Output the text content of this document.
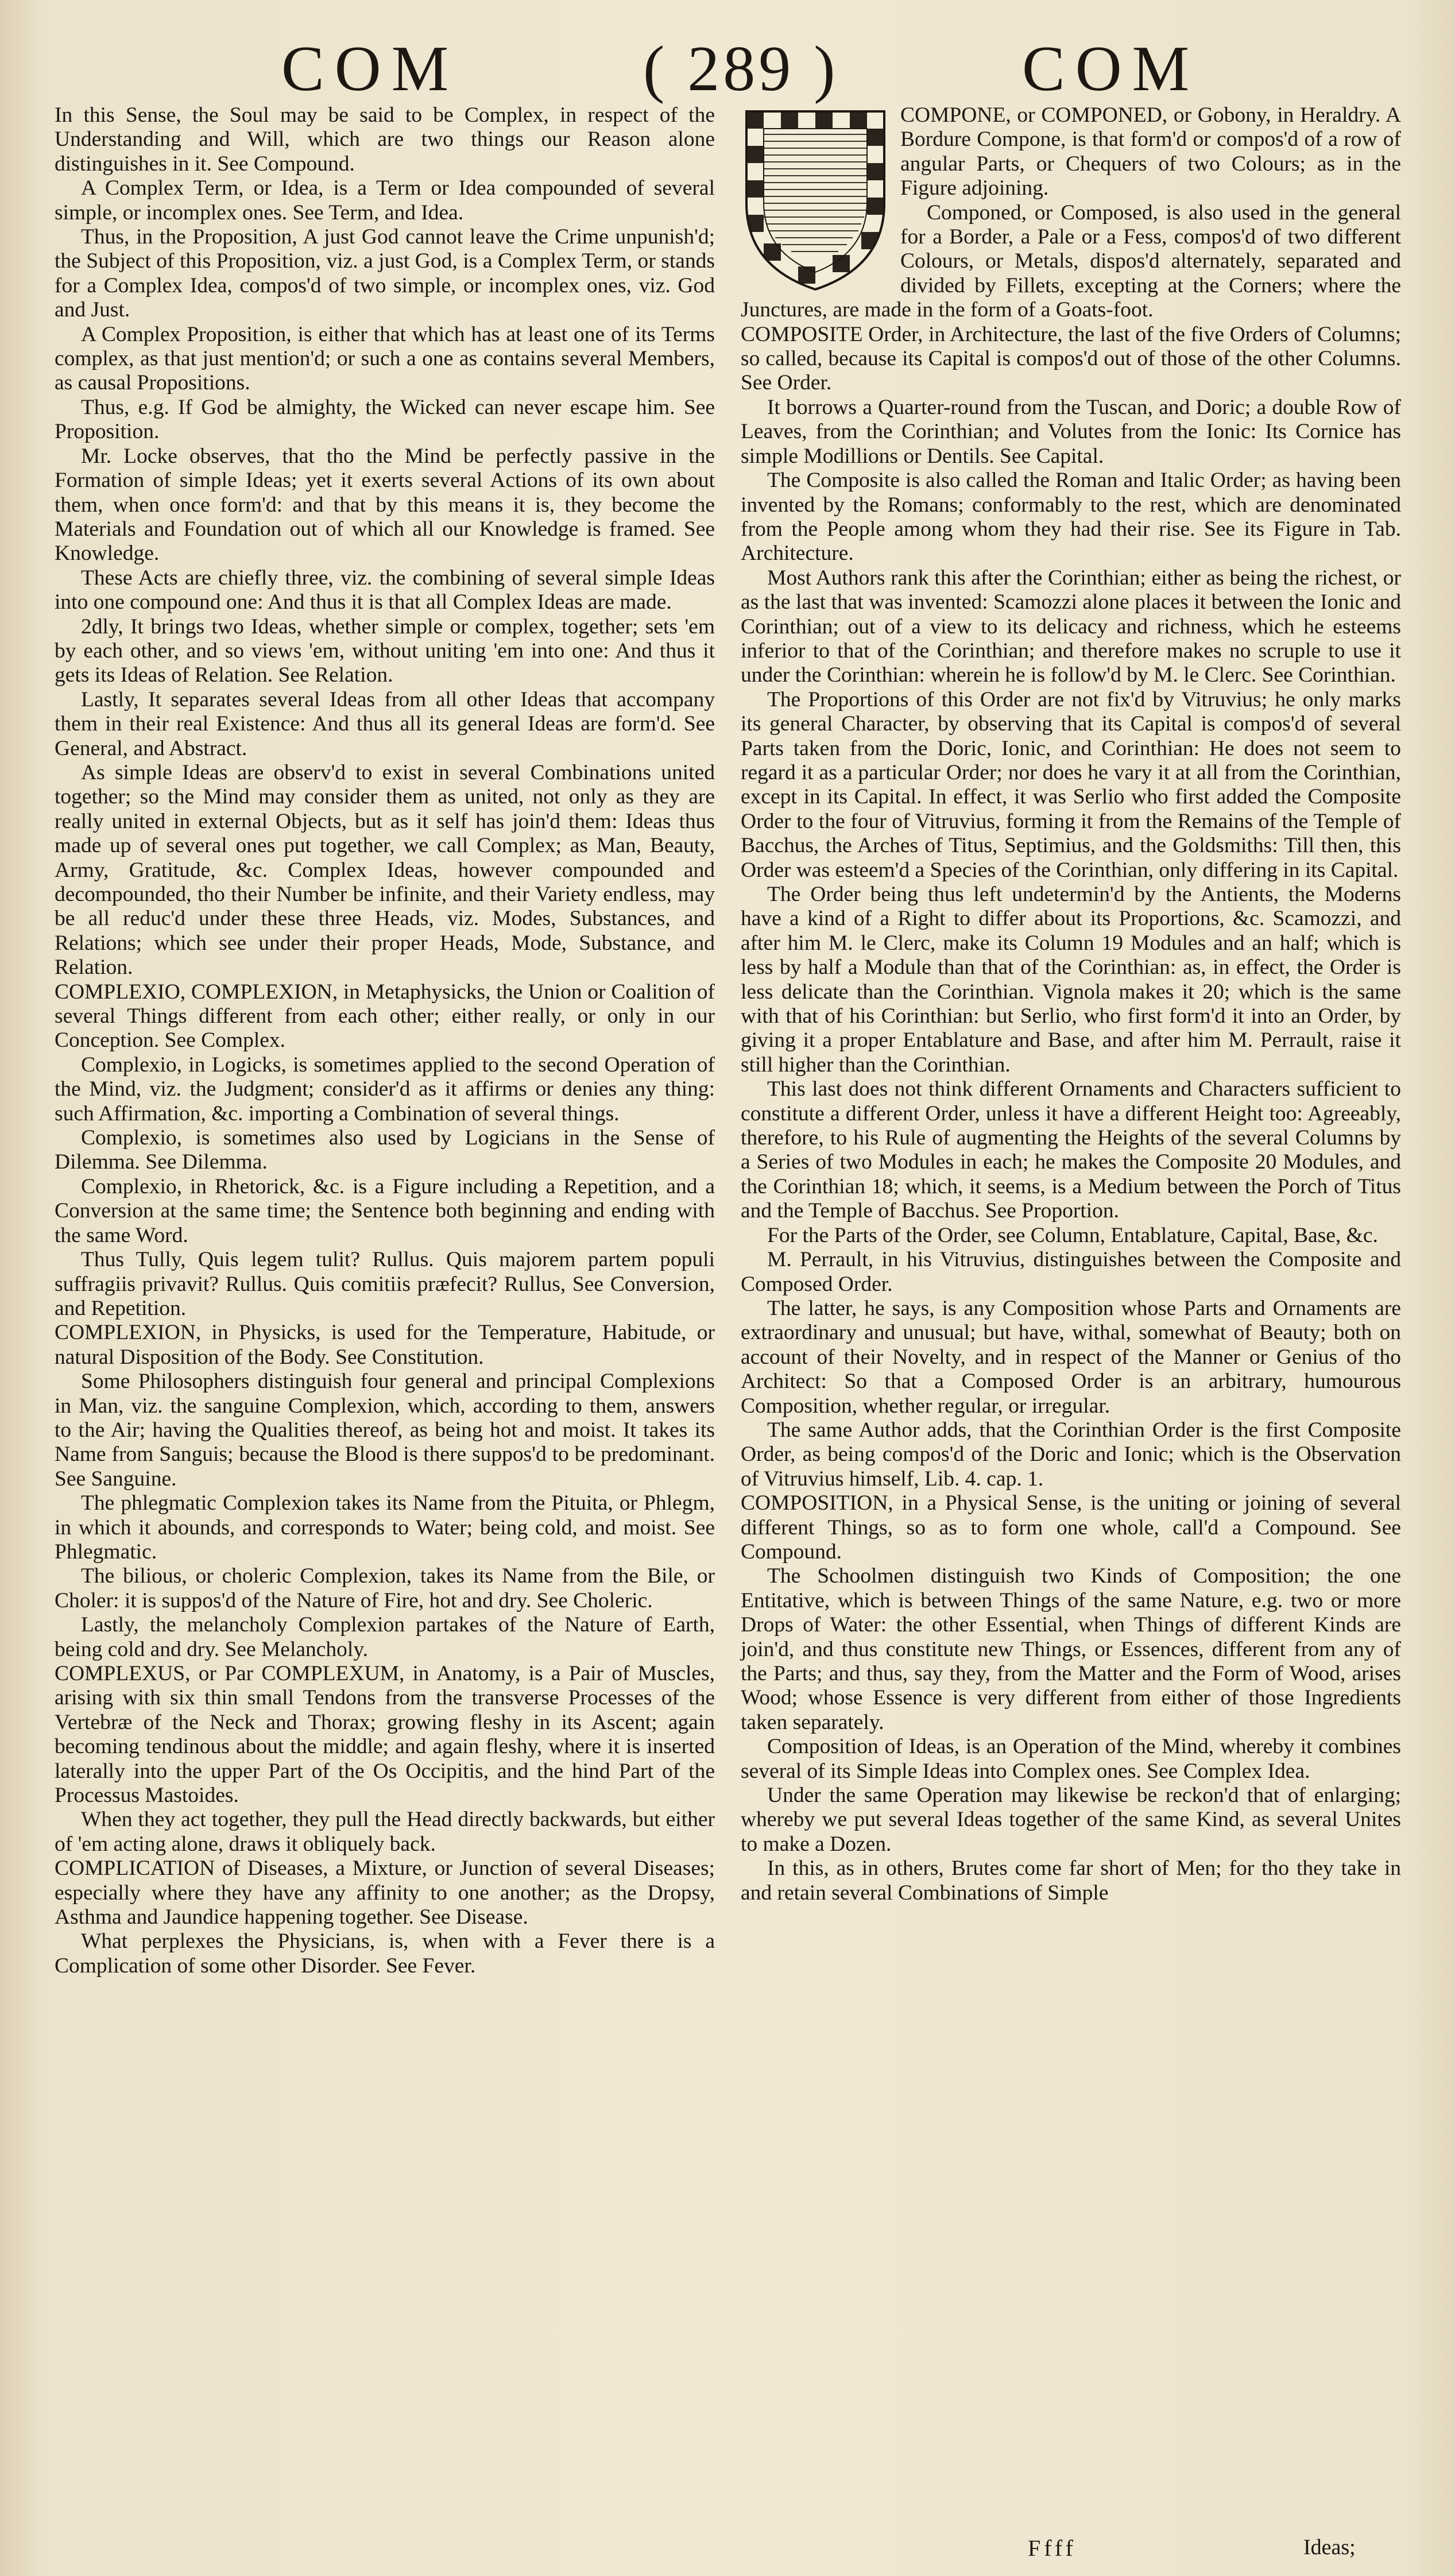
COM	( 289 )	COM

In this Sense, the Soul may be said to be Complex, in respect of the Understanding and Will, which are two things our Reason alone distinguishes in it. See Compound.

A Complex Term, or Idea, is a Term or Idea compounded of several simple, or incomplex ones. See Term, and Idea.

Thus, in the Proposition, A just God cannot leave the Crime unpunish'd; the Subject of this Proposition, viz. a just God, is a Complex Term, or stands for a Complex Idea, compos'd of two simple, or incomplex ones, viz. God and Just.

A Complex Proposition, is either that which has at least one of its Terms complex, as that just mention'd; or such a one as contains several Members, as causal Propositions.

Thus, e.g. If God be almighty, the Wicked can never escape him. See Proposition.

Mr. Locke observes, that tho the Mind be perfectly passive in the Formation of simple Ideas; yet it exerts several Actions of its own about them, when once form'd: and that by this means it is, they become the Materials and Foundation out of which all our Knowledge is framed. See Knowledge.

These Acts are chiefly three, viz. the combining of several simple Ideas into one compound one: And thus it is that all Complex Ideas are made.

2dly, It brings two Ideas, whether simple or complex, together; sets 'em by each other, and so views 'em, without uniting 'em into one: And thus it gets its Ideas of Relation. See Relation.

Lastly, It separates several Ideas from all other Ideas that accompany them in their real Existence: And thus all its general Ideas are form'd. See General, and Abstract.

As simple Ideas are observ'd to exist in several Combinations united together; so the Mind may consider them as united, not only as they are really united in external Objects, but as it self has join'd them: Ideas thus made up of several ones put together, we call Complex; as Man, Beauty, Army, Gratitude, &c. Complex Ideas, however compounded and decompounded, tho their Number be infinite, and their Variety endless, may be all reduc'd under these three Heads, viz. Modes, Substances, and Relations; which see under their proper Heads, Mode, Substance, and Relation.

COMPLEXIO, COMPLEXION, in Metaphysicks, the Union or Coalition of several Things different from each other; either really, or only in our Conception. See Complex.

Complexio, in Logicks, is sometimes applied to the second Operation of the Mind, viz. the Judgment; consider'd as it affirms or denies any thing: such Affirmation, &c. importing a Combination of several things.

Complexio, is sometimes also used by Logicians in the Sense of Dilemma. See Dilemma.

Complexio, in Rhetorick, &c. is a Figure including a Repetition, and a Conversion at the same time; the Sentence both beginning and ending with the same Word.

Thus Tully, Quis legem tulit? Rullus. Quis majorem partem populi suffragiis privavit? Rullus. Quis comitiis præfecit? Rullus, See Conversion, and Repetition.

COMPLEXION, in Physicks, is used for the Temperature, Habitude, or natural Disposition of the Body. See Constitution.

Some Philosophers distinguish four general and principal Complexions in Man, viz. the sanguine Complexion, which, according to them, answers to the Air; having the Qualities thereof, as being hot and moist. It takes its Name from Sanguis; because the Blood is there suppos'd to be predominant. See Sanguine.

The phlegmatic Complexion takes its Name from the Pituita, or Phlegm, in which it abounds, and corresponds to Water; being cold, and moist. See Phlegmatic.

The bilious, or choleric Complexion, takes its Name from the Bile, or Choler: it is suppos'd of the Nature of Fire, hot and dry. See Choleric.

Lastly, the melancholy Complexion partakes of the Nature of Earth, being cold and dry. See Melancholy.

COMPLEXUS, or Par COMPLEXUM, in Anatomy, is a Pair of Muscles, arising with six thin small Tendons from the transverse Processes of the Vertebræ of the Neck and Thorax; growing fleshy in its Ascent; again becoming tendinous about the middle; and again fleshy, where it is inserted laterally into the upper Part of the Os Occipitis, and the hind Part of the Processus Mastoides.

When they act together, they pull the Head directly backwards, but either of 'em acting alone, draws it obliquely back.

COMPLICATION of Diseases, a Mixture, or Junction of several Diseases; especially where they have any affinity to one another; as the Dropsy, Asthma and Jaundice happening together. See Disease.

What perplexes the Physicians, is, when with a Fever there is a Complication of some other Disorder. See Fever.

COMPONE, or COMPONED, or Gobony, in Heraldry. A Bordure Compone, is that form'd or compos'd of a row of angular Parts, or Chequers of two Colours; as in the Figure adjoining.

Componed, or Composed, is also used in the general for a Border, a Pale or a Fess, compos'd of two different Colours, or Metals, dispos'd alternately, separated and divided by Fillets, excepting at the Corners; where the Junctures, are made in the form of a Goats-foot.

COMPOSITE Order, in Architecture, the last of the five Orders of Columns; so called, because its Capital is compos'd out of those of the other Columns. See Order.

It borrows a Quarter-round from the Tuscan, and Doric; a double Row of Leaves, from the Corinthian; and Volutes from the Ionic: Its Cornice has simple Modillions or Dentils. See Capital.

The Composite is also called the Roman and Italic Order; as having been invented by the Romans; conformably to the rest, which are denominated from the People among whom they had their rise. See its Figure in Tab. Architecture.

Most Authors rank this after the Corinthian; either as being the richest, or as the last that was invented: Scamozzi alone places it between the Ionic and Corinthian; out of a view to its delicacy and richness, which he esteems inferior to that of the Corinthian; and therefore makes no scruple to use it under the Corinthian: wherein he is follow'd by M. le Clerc. See Corinthian.

The Proportions of this Order are not fix'd by Vitruvius; he only marks its general Character, by observing that its Capital is compos'd of several Parts taken from the Doric, Ionic, and Corinthian: He does not seem to regard it as a particular Order; nor does he vary it at all from the Corinthian, except in its Capital. In effect, it was Serlio who first added the Composite Order to the four of Vitruvius, forming it from the Remains of the Temple of Bacchus, the Arches of Titus, Septimius, and the Goldsmiths: Till then, this Order was esteem'd a Species of the Corinthian, only differing in its Capital.

The Order being thus left undetermin'd by the Antients, the Moderns have a kind of a Right to differ about its Proportions, &c. Scamozzi, and after him M. le Clerc, make its Column 19 Modules and an half; which is less by half a Module than that of the Corinthian: as, in effect, the Order is less delicate than the Corinthian. Vignola makes it 20; which is the same with that of his Corinthian: but Serlio, who first form'd it into an Order, by giving it a proper Entablature and Base, and after him M. Perrault, raise it still higher than the Corinthian.

This last does not think different Ornaments and Characters sufficient to constitute a different Order, unless it have a different Height too: Agreeably, therefore, to his Rule of augmenting the Heights of the several Columns by a Series of two Modules in each; he makes the Composite 20 Modules, and the Corinthian 18; which, it seems, is a Medium between the Porch of Titus and the Temple of Bacchus. See Proportion.

For the Parts of the Order, see Column, Entablature, Capital, Base, &c.

M. Perrault, in his Vitruvius, distinguishes between the Composite and Composed Order.

The latter, he says, is any Composition whose Parts and Ornaments are extraordinary and unusual; but have, withal, somewhat of Beauty; both on account of their Novelty, and in respect of the Manner or Genius of tho Architect: So that a Composed Order is an arbitrary, humourous Composition, whether regular, or irregular.

The same Author adds, that the Corinthian Order is the first Composite Order, as being compos'd of the Doric and Ionic; which is the Observation of Vitruvius himself, Lib. 4. cap. 1.

COMPOSITION, in a Physical Sense, is the uniting or joining of several different Things, so as to form one whole, call'd a Compound. See Compound.

The Schoolmen distinguish two Kinds of Composition; the one Entitative, which is between Things of the same Nature, e.g. two or more Drops of Water: the other Essential, when Things of different Kinds are join'd, and thus constitute new Things, or Essences, different from any of the Parts; and thus, say they, from the Matter and the Form of Wood, arises Wood; whose Essence is very different from either of those Ingredients taken separately.

Composition of Ideas, is an Operation of the Mind, whereby it combines several of its Simple Ideas into Complex ones. See Complex Idea.

Under the same Operation may likewise be reckon'd that of enlarging; whereby we put several Ideas together of the same Kind, as several Unites to make a Dozen.

In this, as in others, Brutes come far short of Men; for tho they take in and retain several Combinations of Simple

Ffff	Ideas;
